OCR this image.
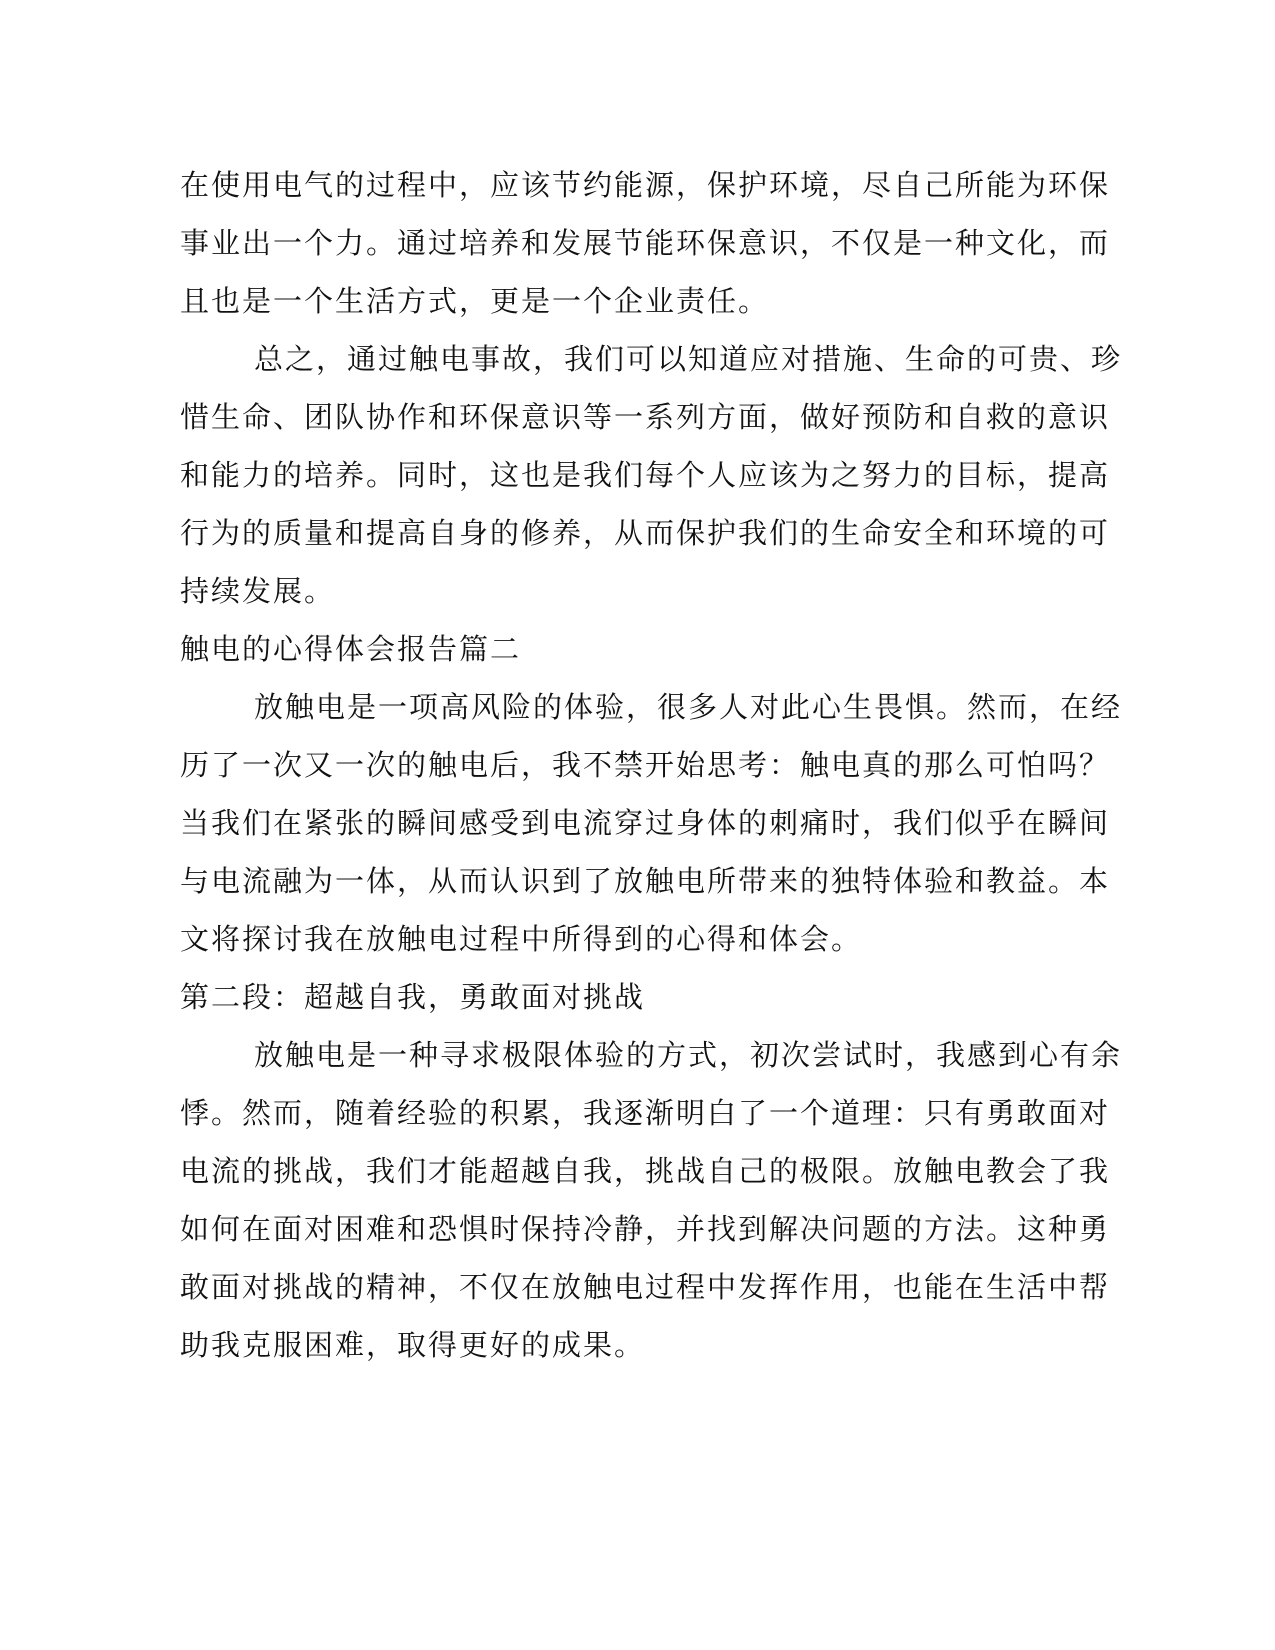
在使用电气的过程中，应该节约能源，保护环境，尽自己所能为环保
事业出一个力。通过培养和发展节能环保意识，不仅是一种文化，而
且也是一个生活方式，更是一个企业责任。

总之，通过触电事故，我们可以知道应对措施、生命的可贵、珍
惜生命、团队协作和环保意识等一系列方面，做好预防和自救的意识
和能力的培养。同时，这也是我们每个人应该为之努力的目标，提高
行为的质量和提高自身的修养，从而保护我们的生命安全和环境的可
持续发展。

触电的心得体会报告篇二

放触电是一项高风险的体验，很多人对此心生畏惧。然而，在经
历了一次又一次的触电后，我不禁开始思考：触电真的那么可怕吗？
当我们在紧张的瞬间感受到电流穿过身体的刺痛时，我们似乎在瞬间
与电流融为一体，从而认识到了放触电所带来的独特体验和教益。本
文将探讨我在放触电过程中所得到的心得和体会。

第二段：超越自我，勇敢面对挑战

放触电是一种寻求极限体验的方式，初次尝试时，我感到心有余
悸。然而，随着经验的积累，我逐渐明白了一个道理：只有勇敢面对
电流的挑战，我们才能超越自我，挑战自己的极限。放触电教会了我
如何在面对困难和恐惧时保持冷静，并找到解决问题的方法。这种勇
敢面对挑战的精神，不仅在放触电过程中发挥作用，也能在生活中帮
助我克服困难，取得更好的成果。
